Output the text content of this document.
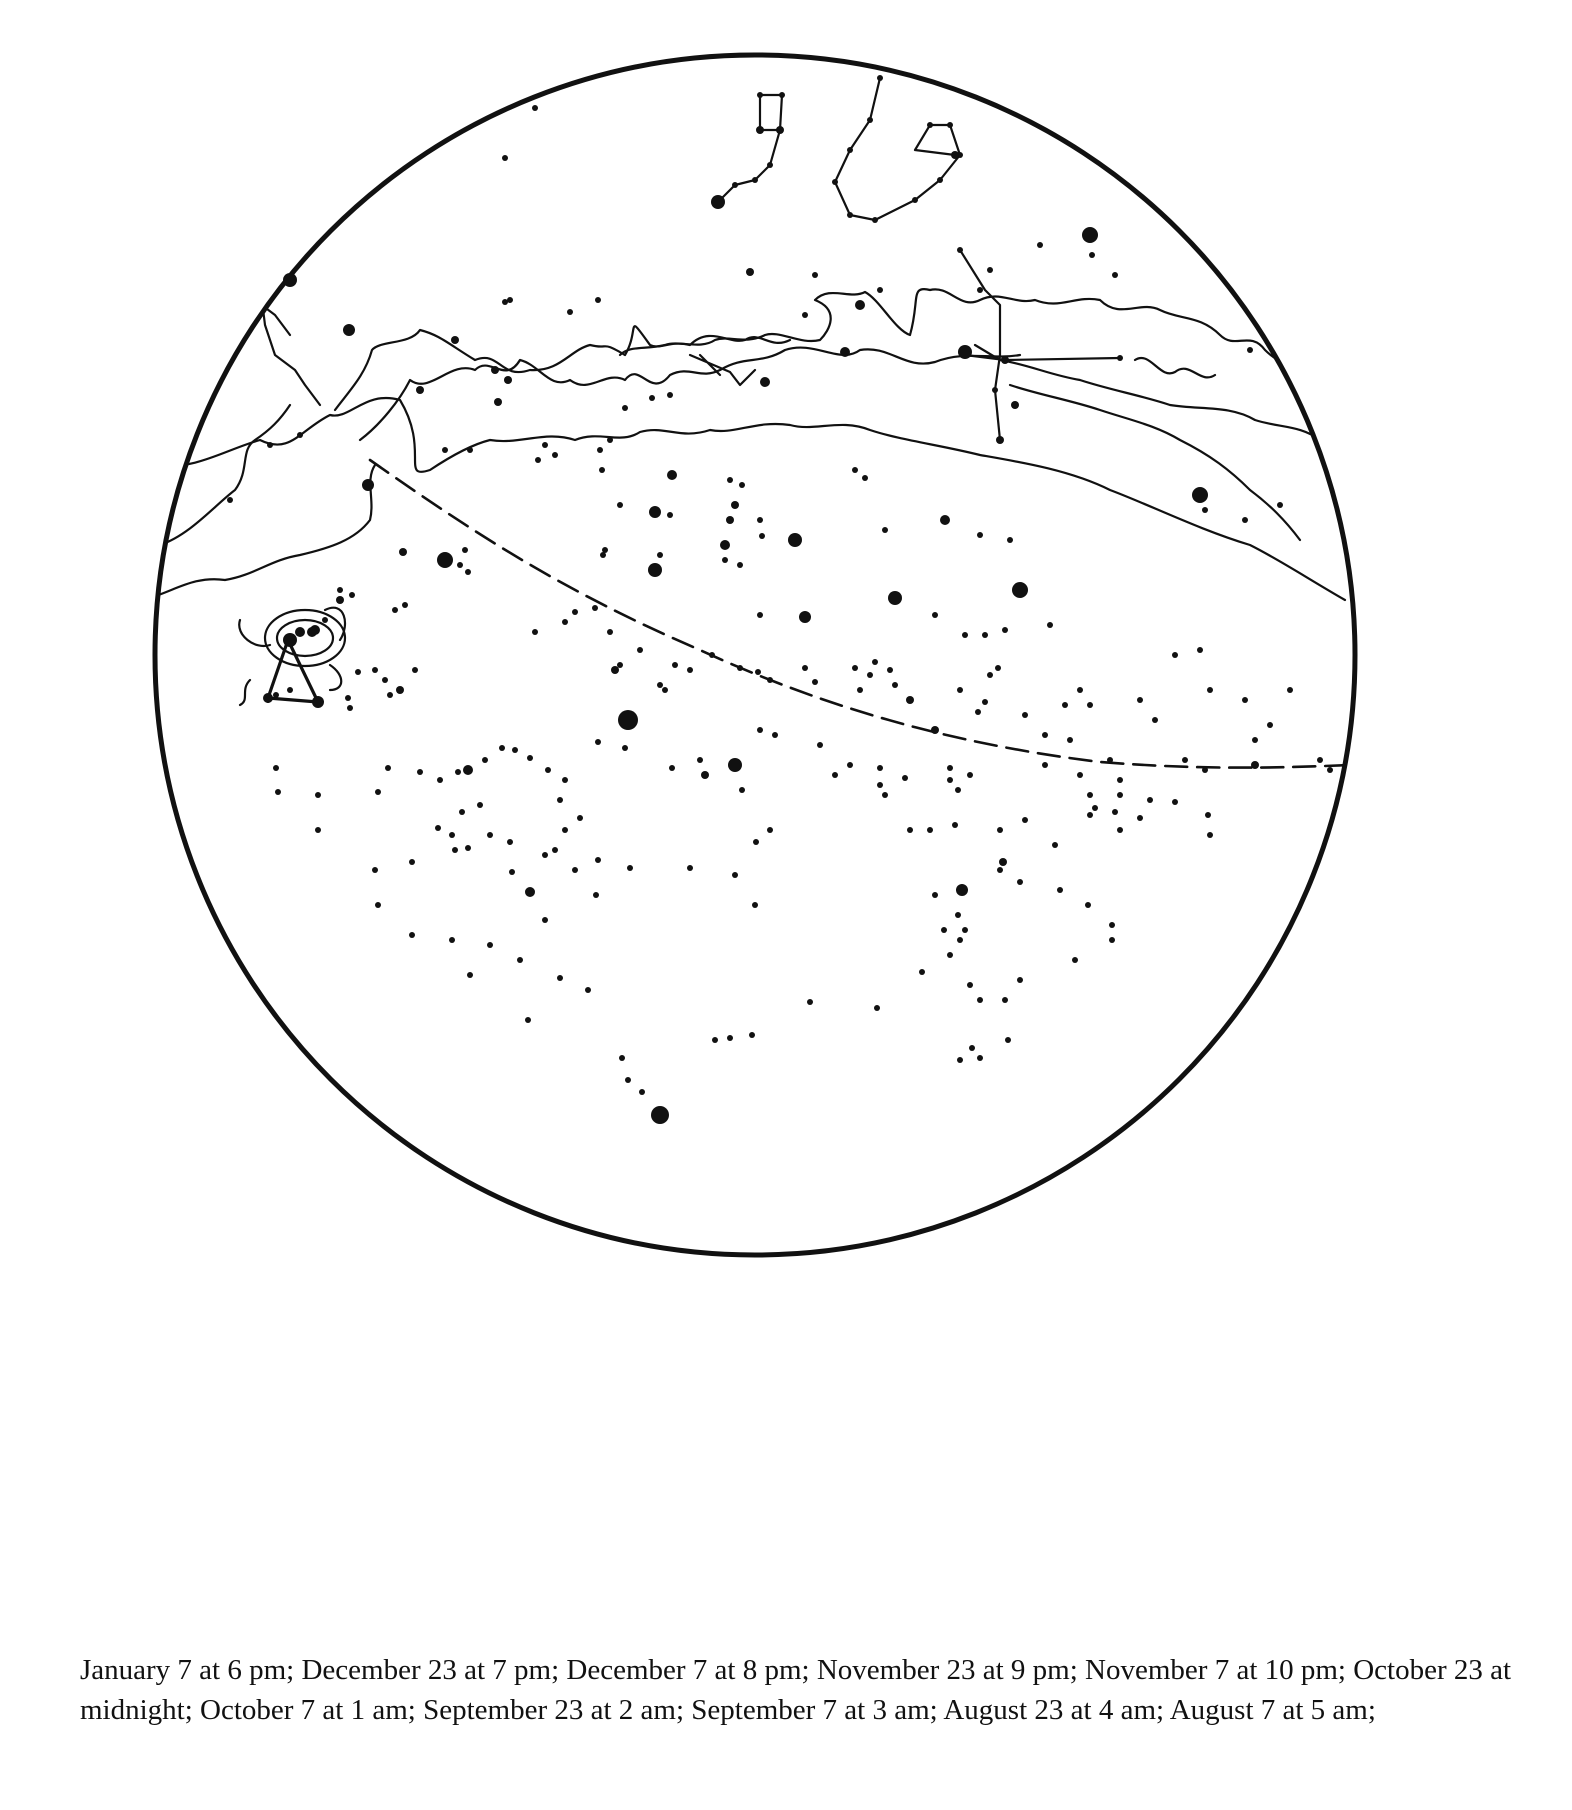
January 7 at 6 pm; December 23 at 7 pm; December 7 at 8 pm; November 23 at 9 pm; November 7 at 10 pm; October 23 at midnight; October 7 at 1 am; September 23 at 2 am; September 7 at 3 am; August 23 at 4 am; August 7 at 5 am;
